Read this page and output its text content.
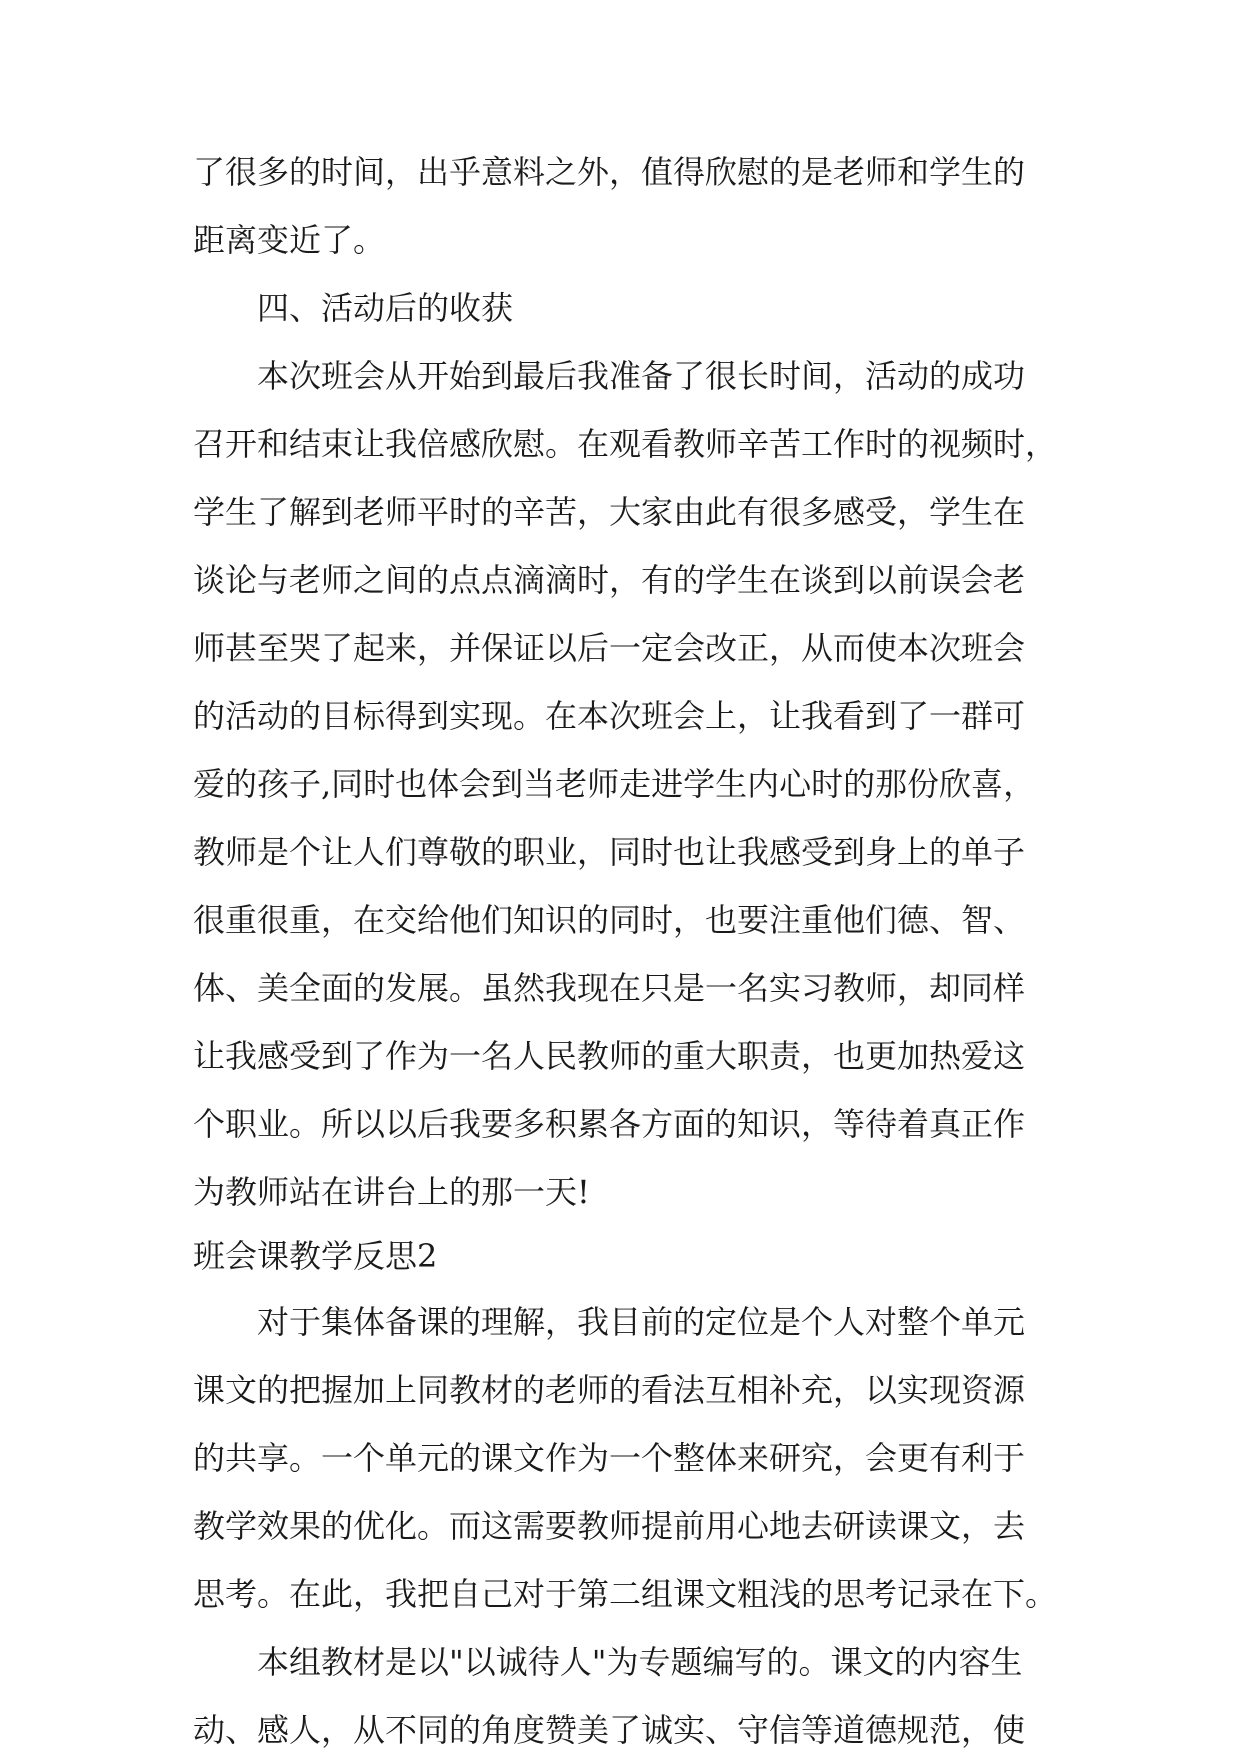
了很多的时间，出乎意料之外，值得欣慰的是老师和学生的
距离变近了。
四、活动后的收获
本次班会从开始到最后我准备了很长时间，活动的成功
召开和结束让我倍感欣慰。在观看教师辛苦工作时的视频时，
学生了解到老师平时的辛苦，大家由此有很多感受，学生在
谈论与老师之间的点点滴滴时，有的学生在谈到以前误会老
师甚至哭了起来，并保证以后一定会改正，从而使本次班会
的活动的目标得到实现。在本次班会上，让我看到了一群可
爱的孩子,同时也体会到当老师走进学生内心时的那份欣喜，
教师是个让人们尊敬的职业，同时也让我感受到身上的单子
很重很重，在交给他们知识的同时，也要注重他们德、智、
体、美全面的发展。虽然我现在只是一名实习教师，却同样
让我感受到了作为一名人民教师的重大职责，也更加热爱这
个职业。所以以后我要多积累各方面的知识，等待着真正作
为教师站在讲台上的那一天!
班会课教学反思2
对于集体备课的理解，我目前的定位是个人对整个单元
课文的把握加上同教材的老师的看法互相补充，以实现资源
的共享。一个单元的课文作为一个整体来研究，会更有利于
教学效果的优化。而这需要教师提前用心地去研读课文，去
思考。在此，我把自己对于第二组课文粗浅的思考记录在下。
本组教材是以"以诚待人"为专题编写的。课文的内容生
动、感人，从不同的角度赞美了诚实、守信等道德规范，使
